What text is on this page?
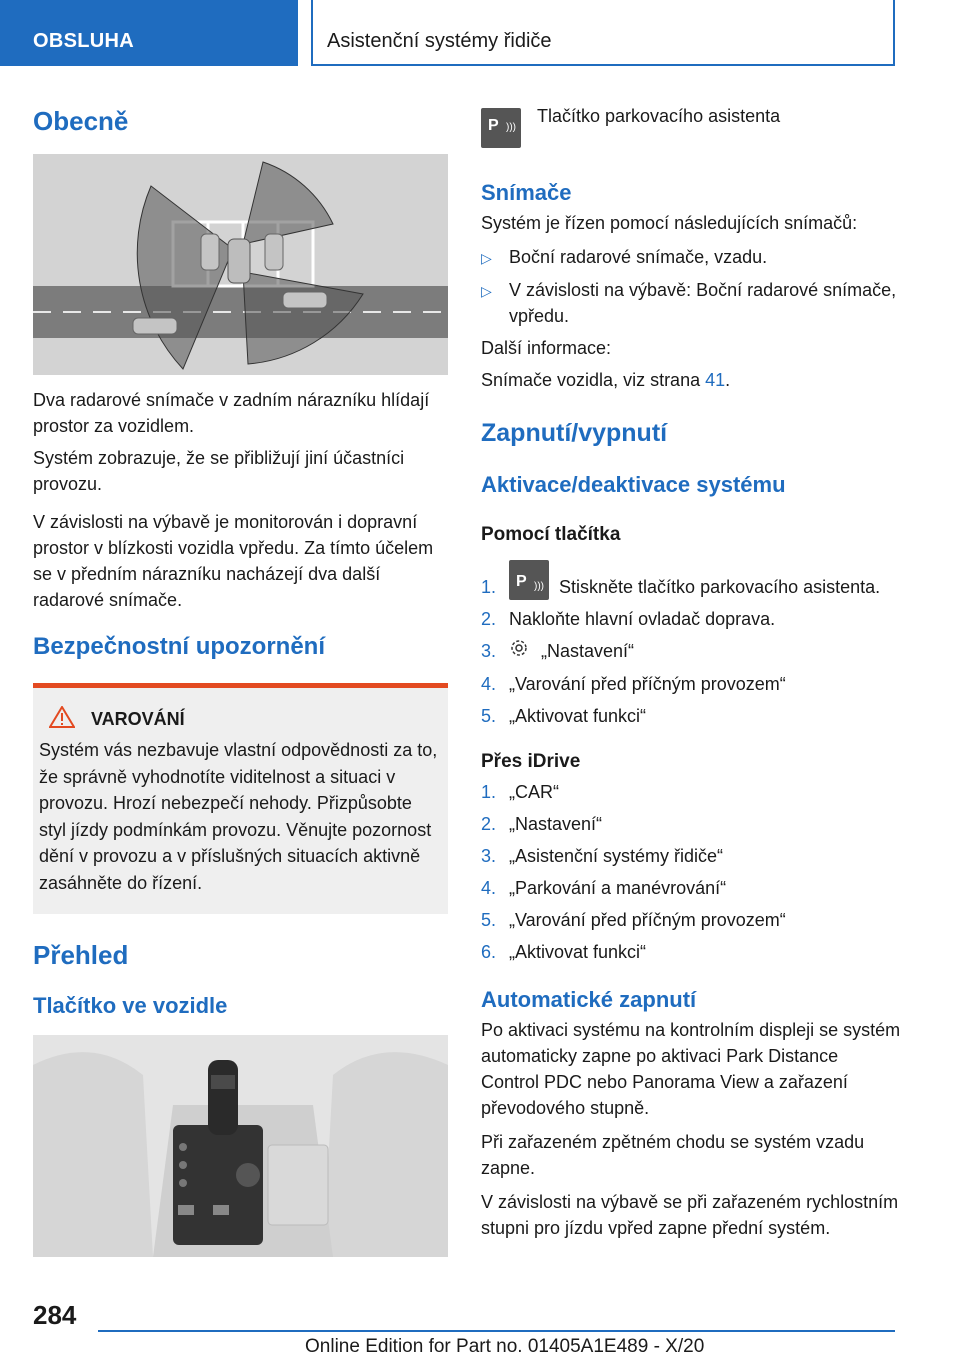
OBSLUHA	Asistenční systémy řidiče
Obecně

Dva radarové snímače v zadním nárazníku hlídají prostor za vozidlem.

Systém zobrazuje, že se přibližují jiní účastníci provozu.

V závislosti na výbavě je monitorován i dopravní prostor v blízkosti vozidla vpředu. Za tímto účelem se v předním nárazníku nacházejí dva další radarové snímače.

Bezpečnostní upozornění
VAROVÁNÍ

Systém vás nezbavuje vlastní odpovědnosti za to, že správně vyhodnotíte viditelnost a situaci v provozu. Hrozí nebezpečí nehody. Přizpůsobte styl jízdy podmínkám provozu. Věnujte pozornost dění v provozu a v příslušných situacích aktivně zasáhněte do řízení.

Přehled
Tlačítko ve vozidle
P )))
Tlačítko parkovacího asistenta
Snímače

Systém je řízen pomocí následujících snímačů:

▷ Boční radarové snímače, vzadu.
▷ V závislosti na výbavě: Boční radarové snímače, vpředu.

Další informace:

Snímače vozidla, viz strana 41.

Zapnutí/vypnutí
Aktivace/deaktivace systému
Pomocí tlačítka
1.	P ))) Stiskněte tlačítko parkovacího asistenta.
2. Nakloňte hlavní ovladač doprava.
3.	„Nastavení“
4. „Varování před příčným provozem“
5. „Aktivovat funkci“
Přes iDrive
1. „CAR“
2. „Nastavení“
3. „Asistenční systémy řidiče“
4. „Parkování a manévrování“
5. „Varování před příčným provozem“
6. „Aktivovat funkci“
Automatické zapnutí

Po aktivaci systému na kontrolním displeji se systém automaticky zapne po aktivaci Park Distance Control PDC nebo Panorama View a zařazení převodového stupně.

Při zařazeném zpětném chodu se systém vzadu zapne.

V závislosti na výbavě se při zařazeném rychlostním stupni pro jízdu vpřed zapne přední systém.

284
Online Edition for Part no. 01405A1E489 - X/20
